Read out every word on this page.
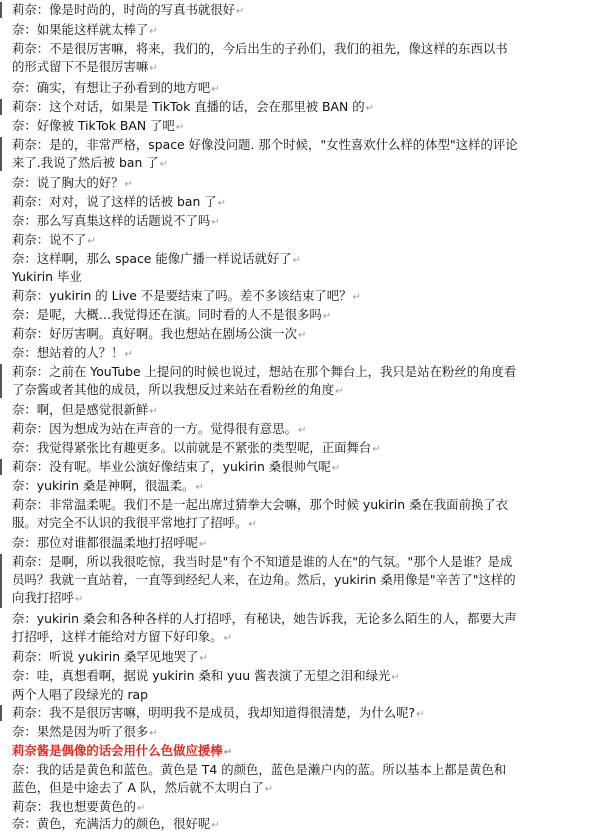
莉奈：像是时尚的，时尚的写真书就很好↵
奈：如果能这样就太棒了↵
莉奈：不是很厉害嘛，将来，我们的，今后出生的子孙们，我们的祖先，像这样的东西以书的形式留下不是很厉害嘛↵
奈：确实，有想让子孙看到的地方吧↵
莉奈：这个对话，如果是 TikTok 直播的话，会在那里被 BAN 的↵
奈：好像被 TikTok BAN 了吧↵
莉奈：是的，非常严格，space 好像没问题. 那个时候，"女性喜欢什么样的体型"这样的评论来了.我说了然后被 ban 了↵
奈：说了胸大的好？↵
莉奈：对对，说了这样的话被 ban 了↵
奈：那么写真集这样的话题说不了吗↵
莉奈：说不了↵
奈：这样啊，那么 space 能像广播一样说话就好了↵
Yukirin 毕业
莉奈：yukirin 的 Live 不是要结束了吗。差不多该结束了吧？↵
奈：是呢，大概…我觉得还在演。同时看的人不是很多吗↵
莉奈：好厉害啊。真好啊。我也想站在剧场公演一次↵
奈：想站着的人？！↵
莉奈：之前在 YouTube 上提问的时候也说过，想站在那个舞台上，我只是站在粉丝的角度看了奈酱或者其他的成员，所以我想反过来站在看粉丝的角度↵
奈：啊，但是感觉很新鲜↵
莉奈：因为想成为站在声音的一方。觉得很有意思。↵
奈：我觉得紧张比有趣更多。以前就是不紧张的类型呢，正面舞台↵
莉奈：没有呢。毕业公演好像结束了，yukirin 桑很帅气呢↵
奈：yukirin 桑是神啊，很温柔。↵
莉奈：非常温柔呢。我们不是一起出席过猜拳大会嘛，那个时候 yukirin 桑在我面前换了衣服。对完全不认识的我很平常地打了招呼。↵
奈：那位对谁都很温柔地打招呼呢↵
莉奈：是啊，所以我很吃惊，我当时是"有个不知道是谁的人在"的气氛。"那个人是谁？是成员吗？我就一直站着，一直等到经纪人来，在边角。然后，yukirin 桑用像是"辛苦了"这样的向我打招呼↵
奈：yukirin 桑会和各种各样的人打招呼，有秘诀，她告诉我，无论多么陌生的人，都要大声打招呼，这样才能给对方留下好印象。↵
莉奈：听说 yukirin 桑罕见地哭了↵
奈：哇，真想看啊，据说 yukirin 桑和 yuu 酱表演了无望之泪和绿光↵
两个人唱了段绿光的 rap
莉奈：我不是很厉害嘛，明明我不是成员，我却知道得很清楚，为什么呢?↵
奈：果然是因为听了很多↵
莉奈酱是偶像的话会用什么色做应援棒↵
奈：我的话是黄色和蓝色。黄色是 T4 的颜色，蓝色是濑户内的蓝。所以基本上都是黄色和蓝色，但是中途去了 A 队，然后就不太明白了↵
莉奈：我也想要黄色的↵
奈：黄色，充满活力的颜色，很好呢↵
